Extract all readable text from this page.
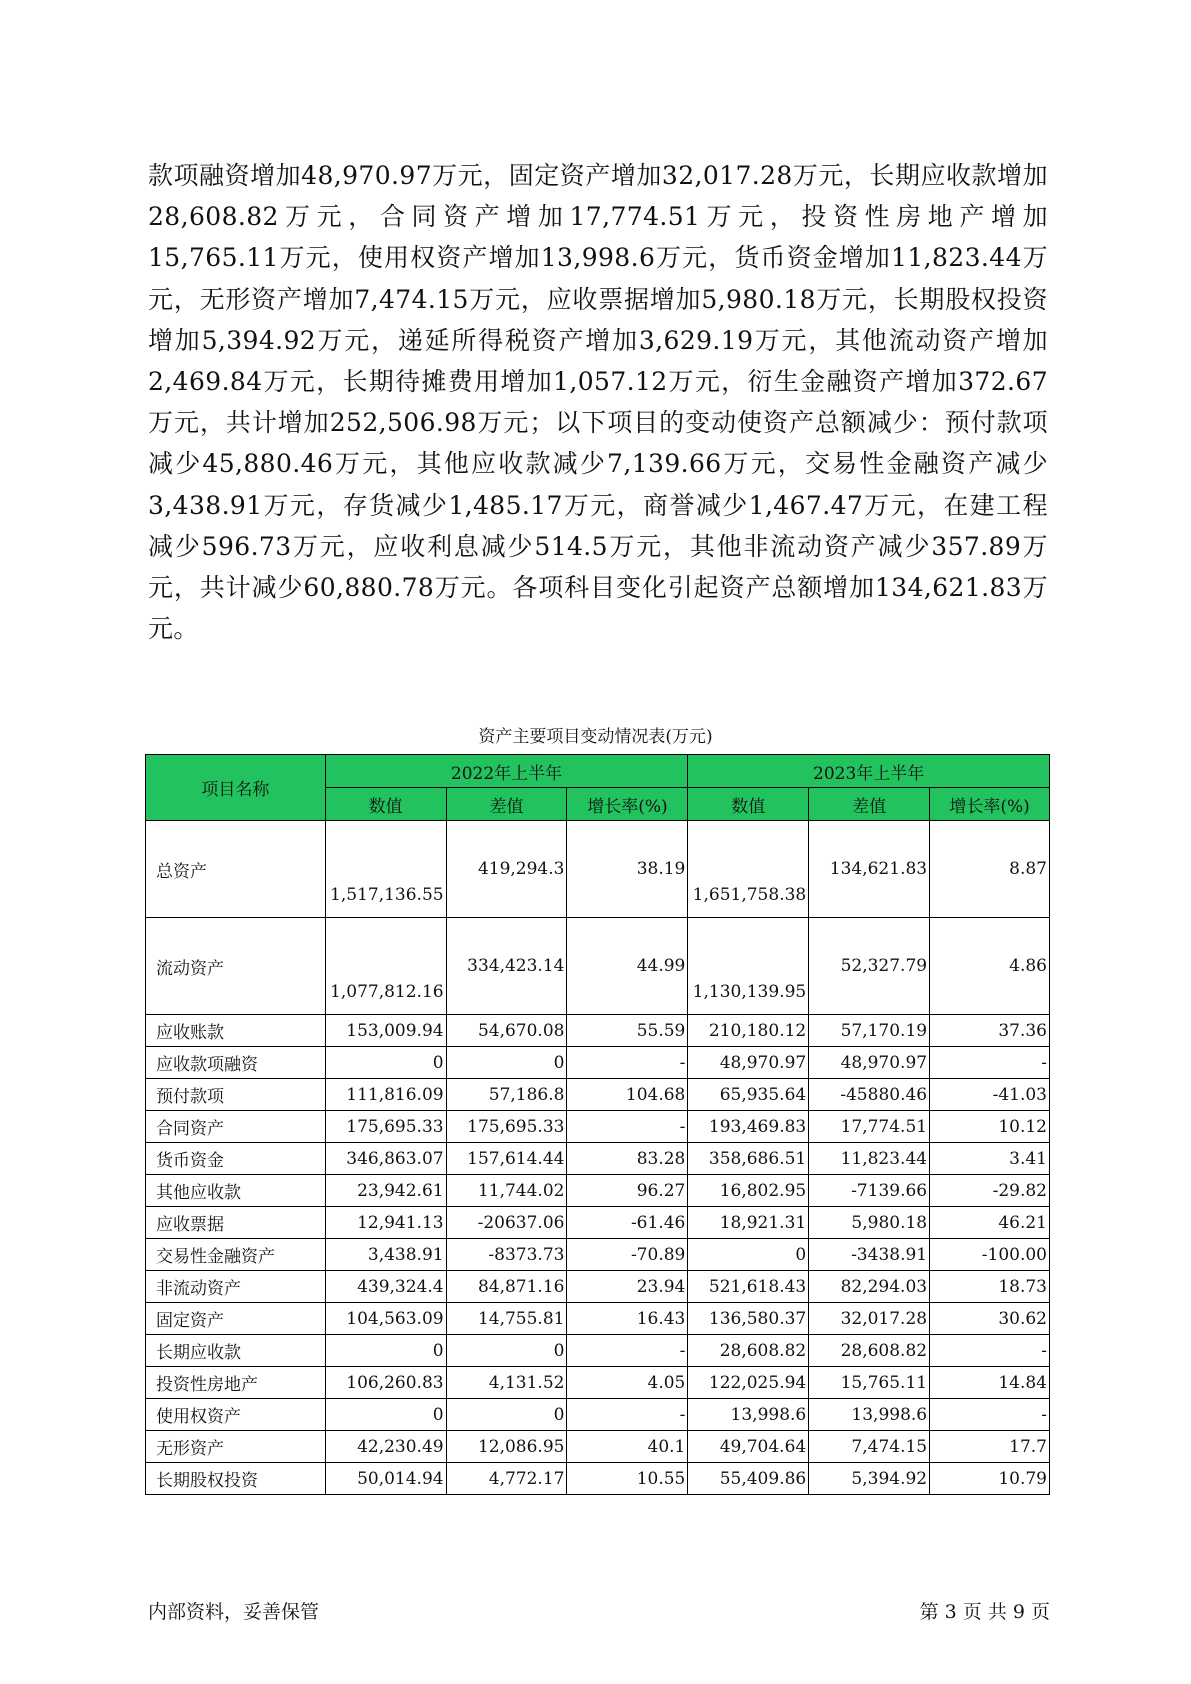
款项融资增加48,970.97万元，固定资产增加32,017.28万元，长期应收款增加28,608.82万元，合同资产增加17,774.51万元，投资性房地产增加15,765.11万元，使用权资产增加13,998.6万元，货币资金增加11,823.44万元，无形资产增加7,474.15万元，应收票据增加5,980.18万元，长期股权投资增加5,394.92万元，递延所得税资产增加3,629.19万元，其他流动资产增加2,469.84万元，长期待摊费用增加1,057.12万元，衍生金融资产增加372.67万元，共计增加252,506.98万元；以下项目的变动使资产总额减少：预付款项减少45,880.46万元，其他应收款减少7,139.66万元，交易性金融资产减少3,438.91万元，存货减少1,485.17万元，商誉减少1,467.47万元，在建工程减少596.73万元，应收利息减少514.5万元，其他非流动资产减少357.89万元，共计减少60,880.78万元。各项科目变化引起资产总额增加134,621.83万元。
资产主要项目变动情况表(万元)
项目名称	2022年上半年			2023年上半年		
	数值	差值	增长率(%)	数值	差值	增长率(%)
总资产	1,517,136.55	419,294.3	38.19	1,651,758.38	134,621.83	8.87
流动资产	1,077,812.16	334,423.14	44.99	1,130,139.95	52,327.79	4.86
应收账款	153,009.94	54,670.08	55.59	210,180.12	57,170.19	37.36
应收款项融资	0	0	-	48,970.97	48,970.97	-
预付款项	111,816.09	57,186.8	104.68	65,935.64	-45880.46	-41.03
合同资产	175,695.33	175,695.33	-	193,469.83	17,774.51	10.12
货币资金	346,863.07	157,614.44	83.28	358,686.51	11,823.44	3.41
其他应收款	23,942.61	11,744.02	96.27	16,802.95	-7139.66	-29.82
应收票据	12,941.13	-20637.06	-61.46	18,921.31	5,980.18	46.21
交易性金融资产	3,438.91	-8373.73	-70.89	0	-3438.91	-100.00
非流动资产	439,324.4	84,871.16	23.94	521,618.43	82,294.03	18.73
固定资产	104,563.09	14,755.81	16.43	136,580.37	32,017.28	30.62
长期应收款	0	0	-	28,608.82	28,608.82	-
投资性房地产	106,260.83	4,131.52	4.05	122,025.94	15,765.11	14.84
使用权资产	0	0	-	13,998.6	13,998.6	-
无形资产	42,230.49	12,086.95	40.1	49,704.64	7,474.15	17.7
长期股权投资	50,014.94	4,772.17	10.55	55,409.86	5,394.92	10.79
内部资料，妥善保管	第 3 页 共 9 页
